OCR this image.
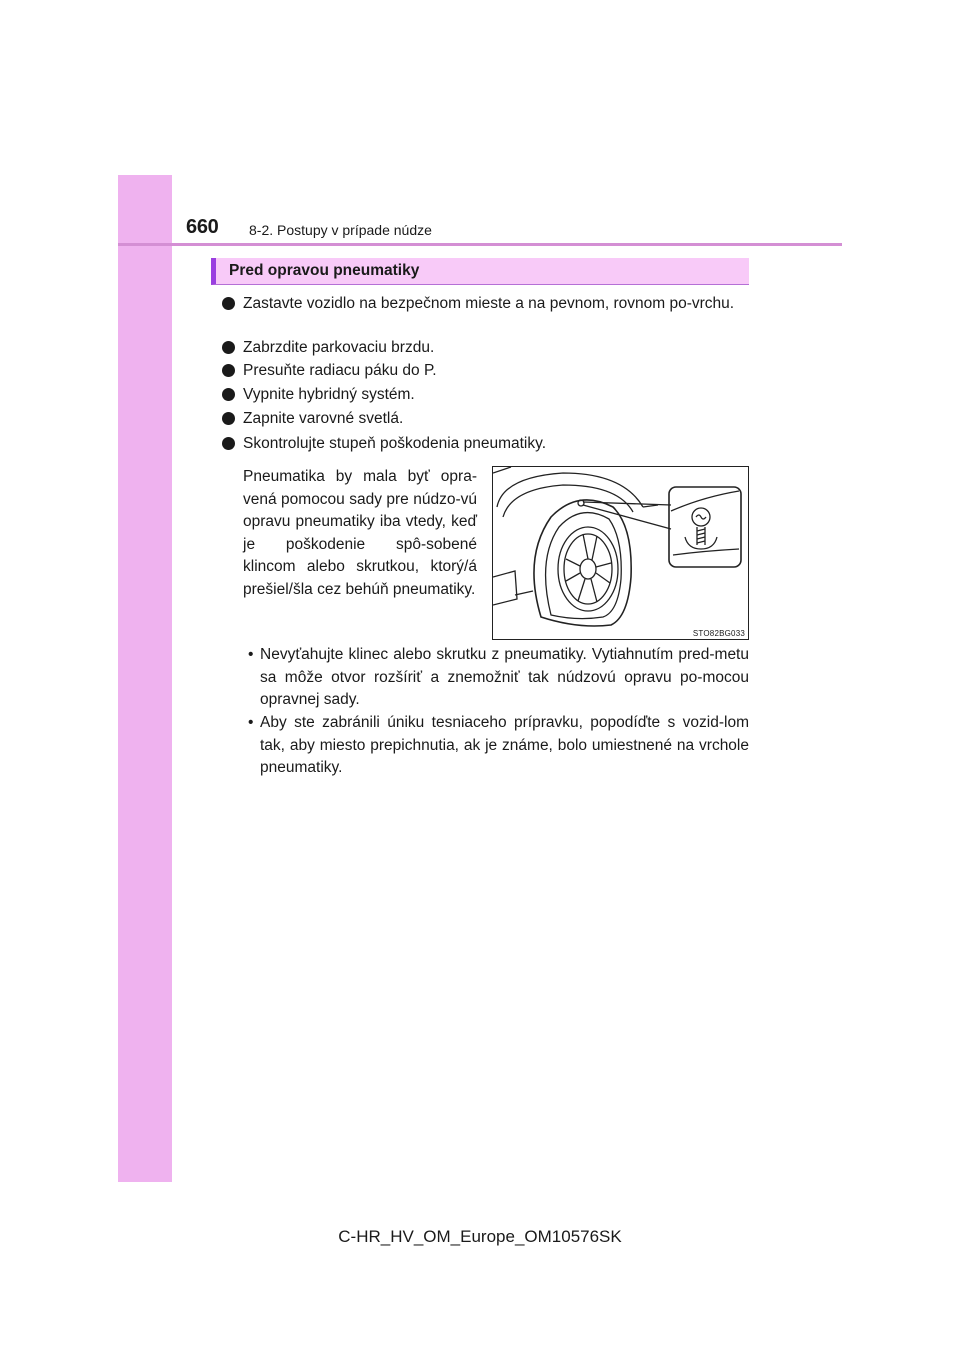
660 8-2. Postupy v prípade núdze
Pred opravou pneumatiky
Zastavte vozidlo na bezpečnom mieste a na pevnom, rovnom po-vrchu.
Zabrzdite parkovaciu brzdu.
Presuňte radiacu páku do P.
Vypnite hybridný systém.
Zapnite varovné svetlá.
Skontrolujte stupeň poškodenia pneumatiky.
Pneumatika by mala byť opra-vená pomocou sady pre núdzo-vú opravu pneumatiky iba vtedy, keď je poškodenie spô-sobené klincom alebo skrutkou, ktorý/á prešiel/šla cez behúň pneumatiky.
STO82BG033
• Nevyťahujte klinec alebo skrutku z pneumatiky. Vytiahnutím pred-metu sa môže otvor rozšíriť a znemožniť tak núdzovú opravu po-mocou opravnej sady.
• Aby ste zabránili úniku tesniaceho prípravku, popodíďte s vozid-lom tak, aby miesto prepichnutia, ak je známe, bolo umiestnené na vrchole pneumatiky.
C-HR_HV_OM_Europe_OM10576SK
